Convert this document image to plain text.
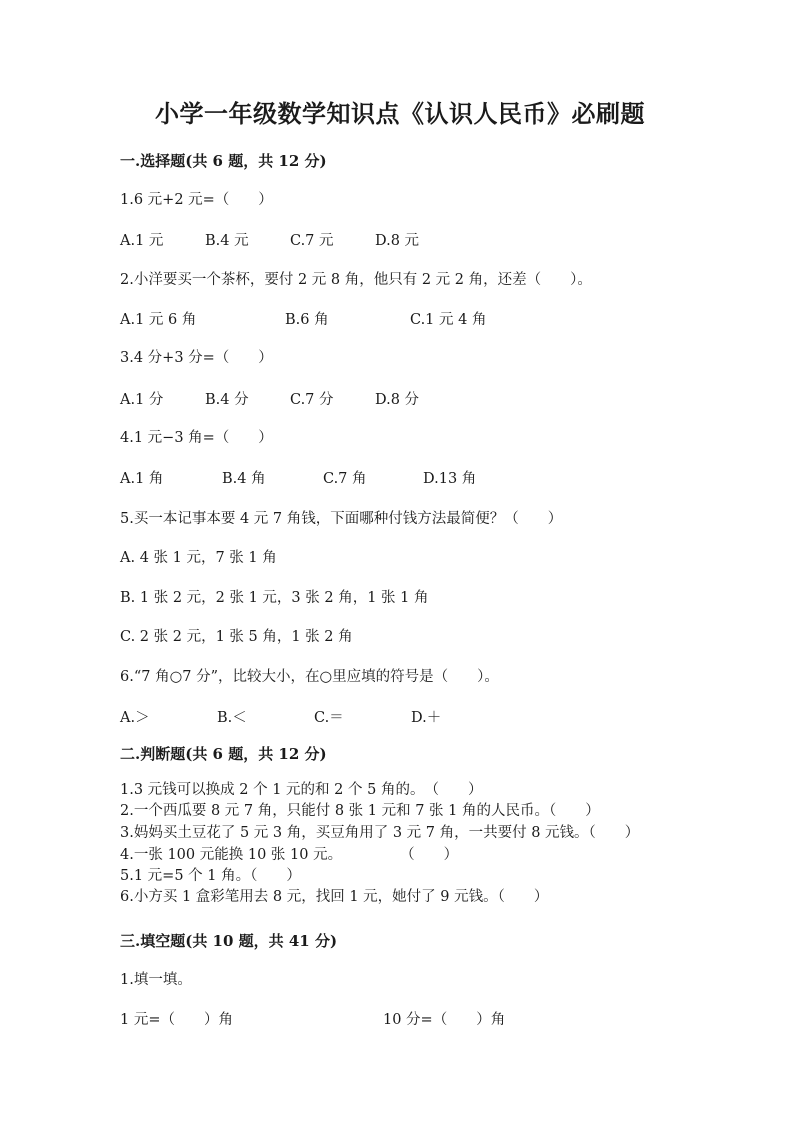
小学一年级数学知识点《认识人民币》必刷题
一.选择题(共 6 题，共 12 分)
1.6 元+2 元=（　　）
A.1 元	B.4 元	C.7 元	D.8 元
2.小洋要买一个茶杯，要付 2 元 8 角，他只有 2 元 2 角，还差（　　）。
A.1 元 6 角	B.6 角	C.1 元 4 角
3.4 分+3 分=（　　）
A.1 分	B.4 分	C.7 分	D.8 分
4.1 元−3 角=（　　）
A.1 角	B.4 角	C.7 角	D.13 角
5.买一本记事本要 4 元 7 角钱，下面哪种付钱方法最简便？（　　）
A. 4 张 1 元，7 张 1 角
B. 1 张 2 元，2 张 1 元，3 张 2 角，1 张 1 角
C. 2 张 2 元，1 张 5 角，1 张 2 角
6.“7 角○7 分”，比较大小，在○里应填的符号是（　　）。
A.＞	B.＜	C.＝	D.＋
二.判断题(共 6 题，共 12 分)
1.3 元钱可以换成 2 个 1 元的和 2 个 5 角的。　（　　）
2.一个西瓜要 8 元 7 角，只能付 8 张 1 元和 7 张 1 角的人民币。（　　）
3.妈妈买土豆花了 5 元 3 角，买豆角用了 3 元 7 角，一共要付 8 元钱。（　　）
4.一张 100 元能换 10 张 10 元。　　　　　（　　）
5.1 元=5 个 1 角。（　　）
6.小方买 1 盒彩笔用去 8 元，找回 1 元，她付了 9 元钱。（　　）
三.填空题(共 10 题，共 41 分)
1.填一填。
1 元=（　　）角	10 分=（　　）角
